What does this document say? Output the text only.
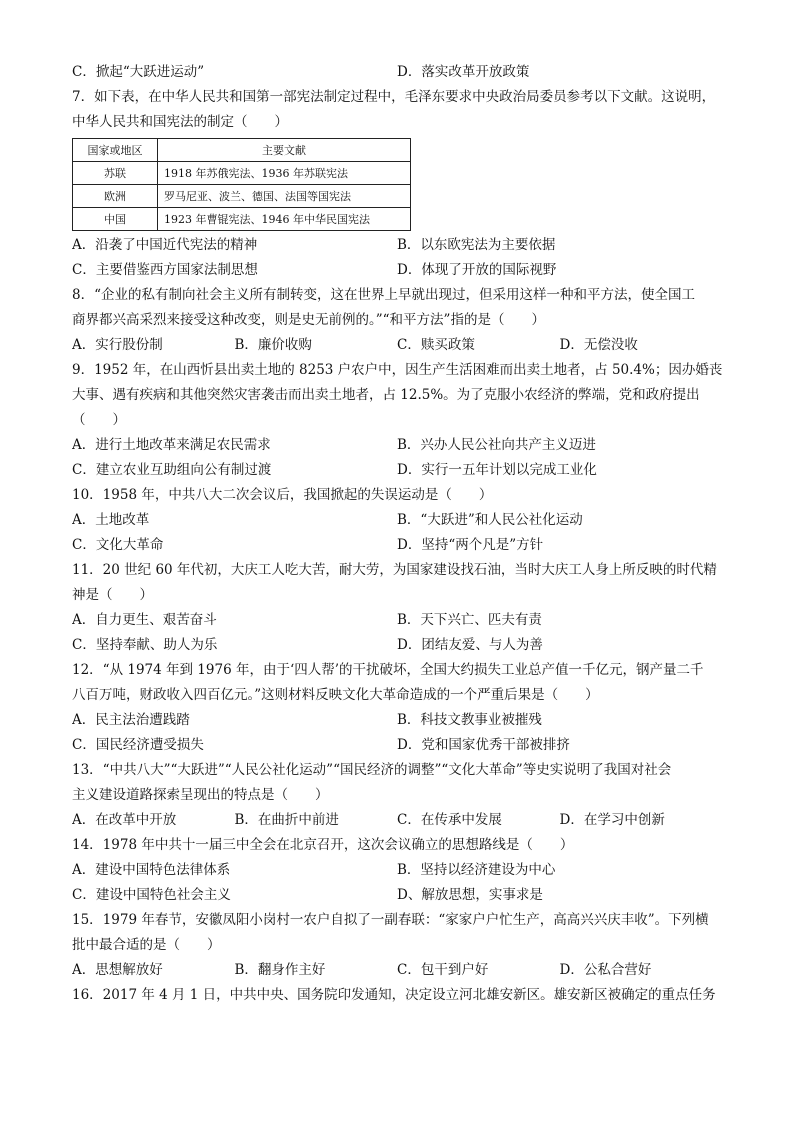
C．掀起“大跃进运动”	D．落实改革开放政策
7．如下表，在中华人民共和国第一部宪法制定过程中，毛泽东要求中央政治局委员参考以下文献。这说明，
中华人民共和国宪法的制定（　　）
国家或地区	主要文献
苏联	1918 年苏俄宪法、1936 年苏联宪法
欧洲	罗马尼亚、波兰、德国、法国等国宪法
中国	1923 年曹锟宪法、1946 年中华民国宪法
A．沿袭了中国近代宪法的精神	B．以东欧宪法为主要依据
C．主要借鉴西方国家法制思想	D．体现了开放的国际视野
8．“企业的私有制向社会主义所有制转变，这在世界上早就出现过，但采用这样一种和平方法，使全国工
商界都兴高采烈来接受这种改变，则是史无前例的。”“和平方法”指的是（　　）
A．实行股份制	B．廉价收购	C．赎买政策	D．无偿没收
9．1952 年，在山西忻县出卖土地的 8253 户农户中，因生产生活困难而出卖土地者，占 50.4%；因办婚丧
大事、遇有疾病和其他突然灾害袭击而出卖土地者，占 12.5%。为了克服小农经济的弊端，党和政府提出
（　　）
A．进行土地改革来满足农民需求	B．兴办人民公社向共产主义迈进
C．建立农业互助组向公有制过渡	D．实行一五年计划以完成工业化
10．1958 年，中共八大二次会议后，我国掀起的失误运动是（　　）
A．土地改革	B．“大跃进”和人民公社化运动
C．文化大革命	D．坚持“两个凡是”方针
11．20 世纪 60 年代初，大庆工人吃大苦，耐大劳，为国家建设找石油，当时大庆工人身上所反映的时代精
神是（　　）
A．自力更生、艰苦奋斗	B．天下兴亡、匹夫有责
C．坚持奉献、助人为乐	D．团结友爱、与人为善
12．“从 1974 年到 1976 年，由于‘四人帮’的干扰破坏，全国大约损失工业总产值一千亿元，钢产量二千
八百万吨，财政收入四百亿元。”这则材料反映文化大革命造成的一个严重后果是（　　）
A．民主法治遭践踏	B．科技文教事业被摧残
C．国民经济遭受损失	D．党和国家优秀干部被排挤
13．“中共八大”“大跃进”“人民公社化运动”“国民经济的调整”“文化大革命”等史实说明了我国对社会
主义建设道路探索呈现出的特点是（　　）
A．在改革中开放	B．在曲折中前进	C．在传承中发展	D．在学习中创新
14．1978 年中共十一届三中全会在北京召开，这次会议确立的思想路线是（　　）
A．建设中国特色法律体系	B．坚持以经济建设为中心
C．建设中国特色社会主义	D、解放思想，实事求是
15．1979 年春节，安徽凤阳小岗村一农户自拟了一副春联：“家家户户忙生产，高高兴兴庆丰收”。下列横
批中最合适的是（　　）
A．思想解放好	B．翻身作主好	C．包干到户好	D．公私合营好
16．2017 年 4 月 1 日，中共中央、国务院印发通知，决定设立河北雄安新区。雄安新区被确定的重点任务
